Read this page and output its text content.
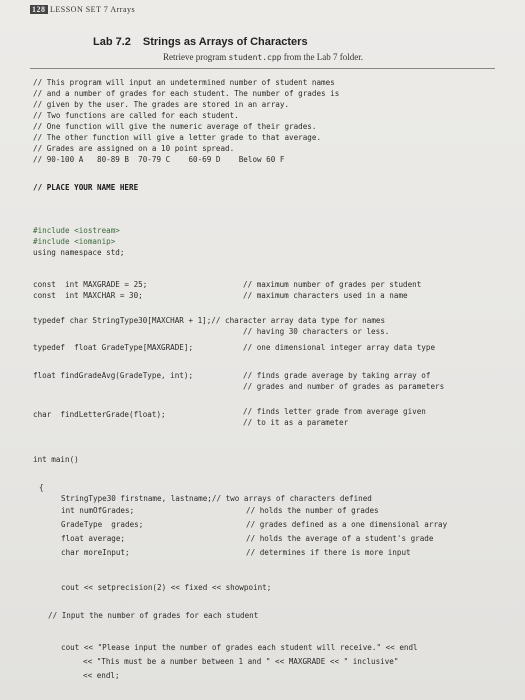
128 LESSON SET 7 Arrays
Lab 7.2 Strings as Arrays of Characters
Retrieve program student.cpp from the Lab 7 folder.
// This program will input an undetermined number of student names
// and a number of grades for each student. The number of grades is
// given by the user. The grades are stored in an array.
// Two functions are called for each student.
// One function will give the numeric average of their grades.
// The other function will give a letter grade to that average.
// Grades are assigned on a 10 point spread.
// 90-100 A   80-89 B  70-79 C    60-69 D    Below 60 F
// PLACE YOUR NAME HERE
#include <iostream>
#include <iomanip>
using namespace std;
const  int MAXGRADE = 25;	// maximum number of grades per student
const  int MAXCHAR = 30;	// maximum characters used in a name
typedef char StringType30[MAXCHAR + 1];// character array data type for names
// having 30 characters or less.
typedef  float GradeType[MAXGRADE];	// one dimensional integer array data type
float findGradeAvg(GradeType, int);	// finds grade average by taking array of
// grades and number of grades as parameters
char  findLetterGrade(float);	// finds letter grade from average given
// to it as a parameter
int main()
{
StringType30 firstname, lastname;// two arrays of characters defined
int numOfGrades;	// holds the number of grades
GradeType  grades;	// grades defined as a one dimensional array
float average;	// holds the average of a student's grade
char moreInput;	// determines if there is more input
cout << setprecision(2) << fixed << showpoint;
// Input the number of grades for each student
cout << "Please input the number of grades each student will receive." << endl
<< "This must be a number between 1 and " << MAXGRADE << " inclusive"
<< endl;
